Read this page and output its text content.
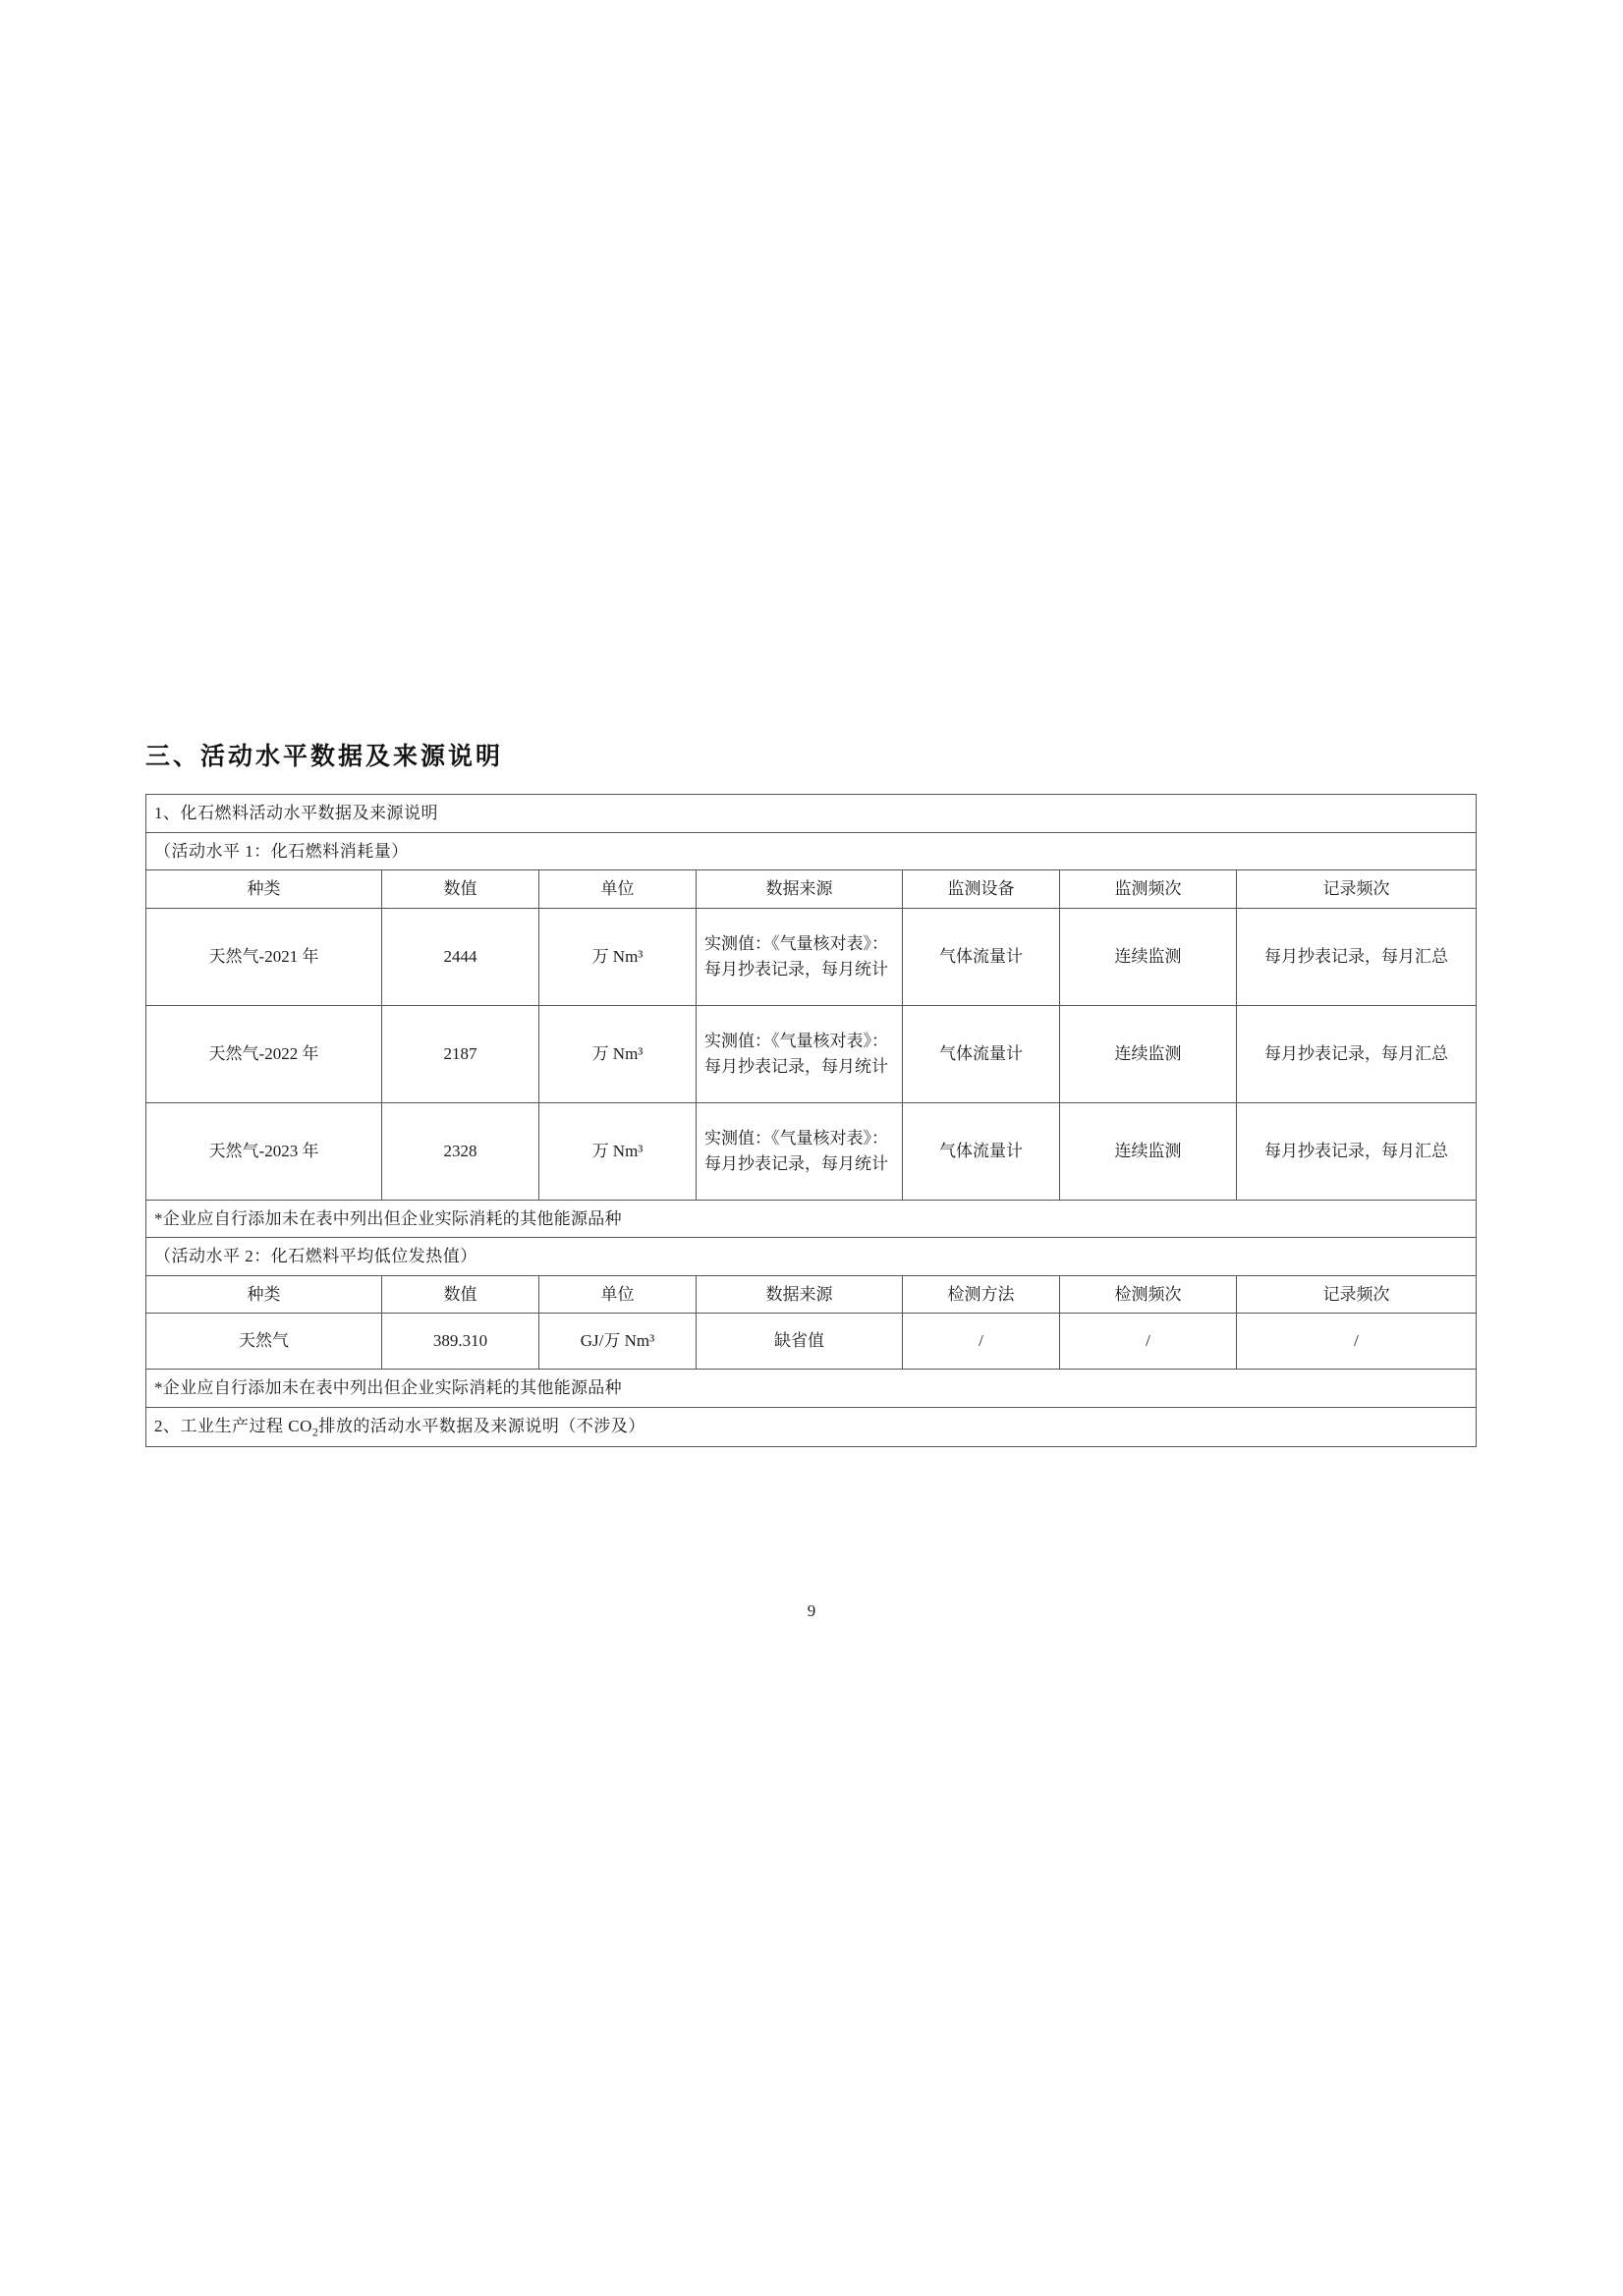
三、活动水平数据及来源说明
1、化石燃料活动水平数据及来源说明						
（活动水平 1：化石燃料消耗量）						
种类	数值	单位	数据来源	监测设备	监测频次	记录频次
天然气-2021 年	2444	万 Nm³	实测值：《气量核对表》：每月抄表记录，每月统计	气体流量计	连续监测	每月抄表记录，每月汇总
天然气-2022 年	2187	万 Nm³	实测值：《气量核对表》：每月抄表记录，每月统计	气体流量计	连续监测	每月抄表记录，每月汇总
天然气-2023 年	2328	万 Nm³	实测值：《气量核对表》：每月抄表记录，每月统计	气体流量计	连续监测	每月抄表记录，每月汇总
*企业应自行添加未在表中列出但企业实际消耗的其他能源品种						
（活动水平 2：化石燃料平均低位发热值）						
种类	数值	单位	数据来源	检测方法	检测频次	记录频次
天然气	389.310	GJ/万 Nm³	缺省值	/	/	/
*企业应自行添加未在表中列出但企业实际消耗的其他能源品种						
2、工业生产过程 $CO_2$排放的活动水平数据及来源说明（不涉及）						
9
